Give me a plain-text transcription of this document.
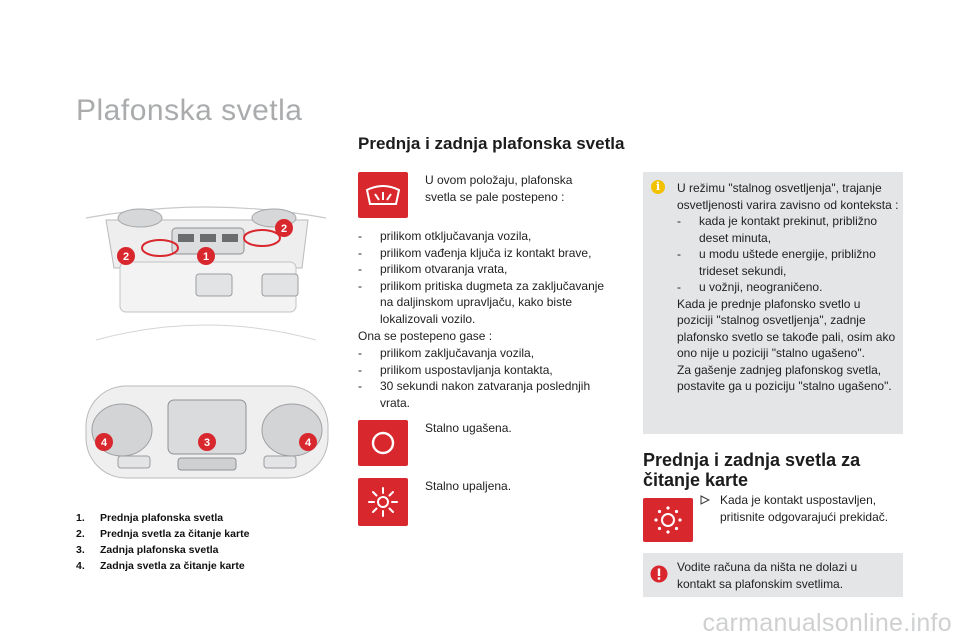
Plafonska svetla
1
2
2
4	3	4
1. Prednja plafonska svetla
2. Prednja svetla za čitanje karte
3. Zadnja plafonska svetla
4. Zadnja svetla za čitanje karte
Prednja i zadnja plafonska svetla
U ovom položaju, plafonska svetla se pale postepeno :
- prilikom otključavanja vozila,
- prilikom vađenja ključa iz kontakt brave,
- prilikom otvaranja vrata,
- prilikom pritiska dugmeta za zaključavanje na daljinskom upravljaču, kako biste lokalizovali vozilo.
Ona se postepeno gase :
- prilikom zaključavanja vozila,
- prilikom uspostavljanja kontakta,
- 30 sekundi nakon zatvaranja poslednjih vrata.
Stalno ugašena.
Stalno upaljena.
i	U režimu "stalnog osvetljenja", trajanje osvetljenosti varira zavisno od konteksta :
- kada je kontakt prekinut, približno deset minuta,
- u modu uštede energije, približno trideset sekundi,
- u vožnji, neograničeno.
Kada je prednje plafonsko svetlo u poziciji "stalnog osvetljenja", zadnje plafonsko svetlo se takođe pali, osim ako ono nije u poziciji "stalno ugašeno".
Za gašenje zadnjeg plafonskog svetla, postavite ga u poziciju "stalno ugašeno".
Prednja i zadnja svetla za čitanje karte
Kada je kontakt uspostavljen, pritisnite odgovarajući prekidač.
Vodite računa da ništa ne dolazi u kontakt sa plafonskim svetlima.
carmanualsonline.info
